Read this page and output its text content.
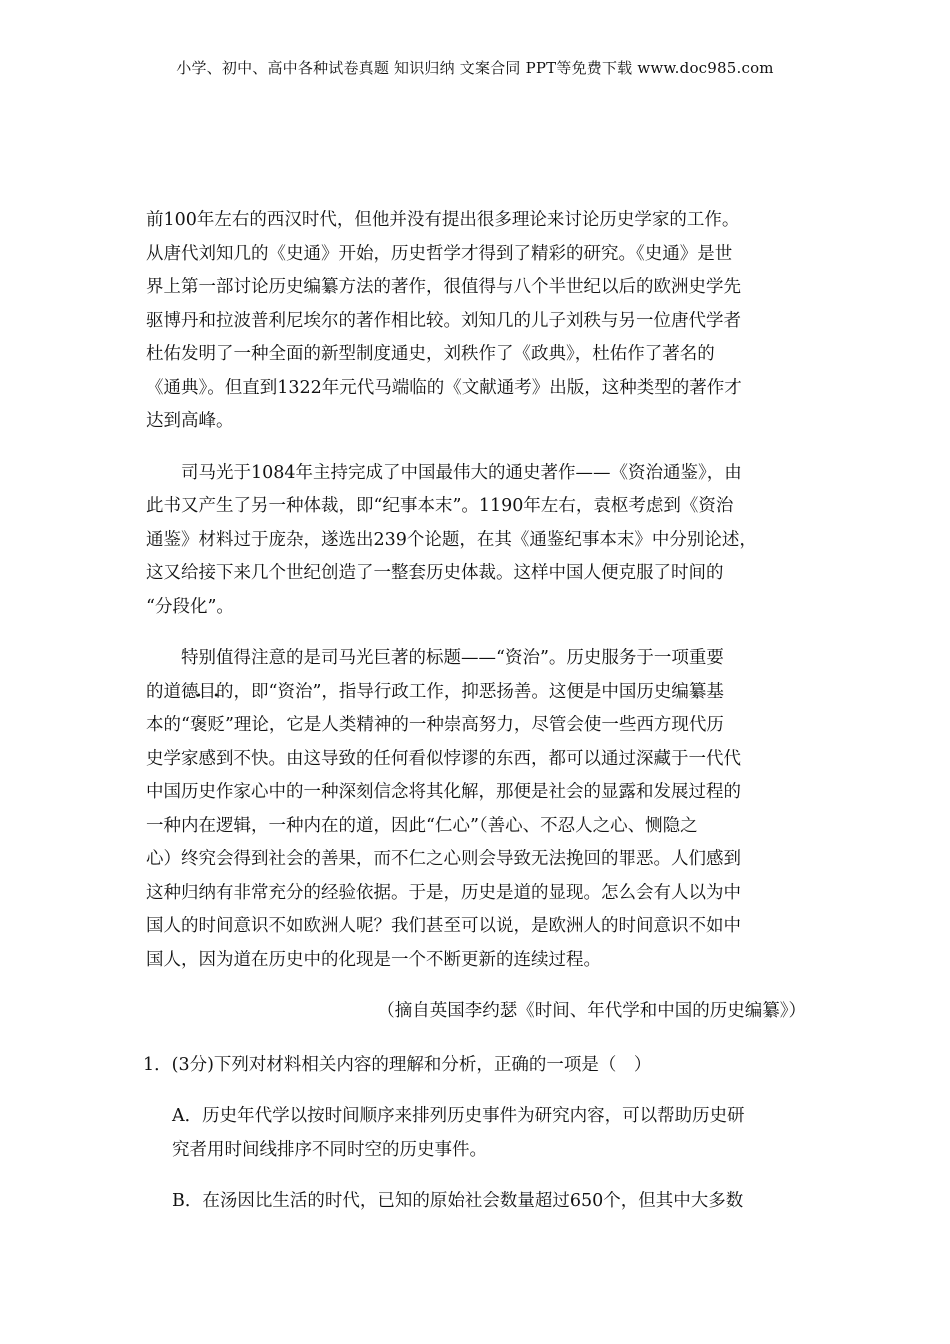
小学、初中、高中各种试卷真题 知识归纳 文案合同 PPT等免费下载 www.doc985.com

前100年左右的西汉时代，但他并没有提出很多理论来讨论历史学家的工作。

从唐代刘知几的《史通》开始，历史哲学才得到了精彩的研究。《史通》是世

界上第一部讨论历史编纂方法的著作，很值得与八个半世纪以后的欧洲史学先

驱博丹和拉波普利尼埃尔的著作相比较。刘知几的儿子刘秩与另一位唐代学者

杜佑发明了一种全面的新型制度通史，刘秩作了《政典》，杜佑作了著名的

《通典》。但直到1322年元代马端临的《文献通考》出版，这种类型的著作才

达到高峰。

司马光于1084年主持完成了中国最伟大的通史著作——《资治通鉴》，由

此书又产生了另一种体裁，即“纪事本末”。1190年左右，袁枢考虑到《资治

通鉴》材料过于庞杂，遂选出239个论题，在其《通鉴纪事本末》中分别论述，

这又给接下来几个世纪创造了一整套历史体裁。这样中国人便克服了时间的

“分段化”。

特别值得注意的是司马光巨著的标题——“资治”。历史服务于一项重要

的道德目的，即“资治”，指导行政工作，抑恶扬善。这便是中国历史编纂基

本的“褒贬”理论，它是人类精神的一种崇高努力，尽管会使一些西方现代历

史学家感到不快。由这导致的任何看似悖谬的东西，都可以通过深藏于一代代

中国历史作家心中的一种深刻信念将其化解，那便是社会的显露和发展过程的

一种内在逻辑，一种内在的道，因此“仁心”（善心、不忍人之心、恻隐之

心）终究会得到社会的善果，而不仁之心则会导致无法挽回的罪恶。人们感到

这种归纳有非常充分的经验依据。于是，历史是道的显现。怎么会有人以为中

国人的时间意识不如欧洲人呢？我们甚至可以说，是欧洲人的时间意识不如中

国人，因为道在历史中的化现是一个不断更新的连续过程。

（摘自英国李约瑟《时间、年代学和中国的历史编纂》）

1．(3分)下列对材料相关内容的理解和分析，正确的一项是（　）

A．历史年代学以按时间顺序来排列历史事件为研究内容，可以帮助历史研

究者用时间线排序不同时空的历史事件。

B．在汤因比生活的时代，已知的原始社会数量超过650个，但其中大多数
